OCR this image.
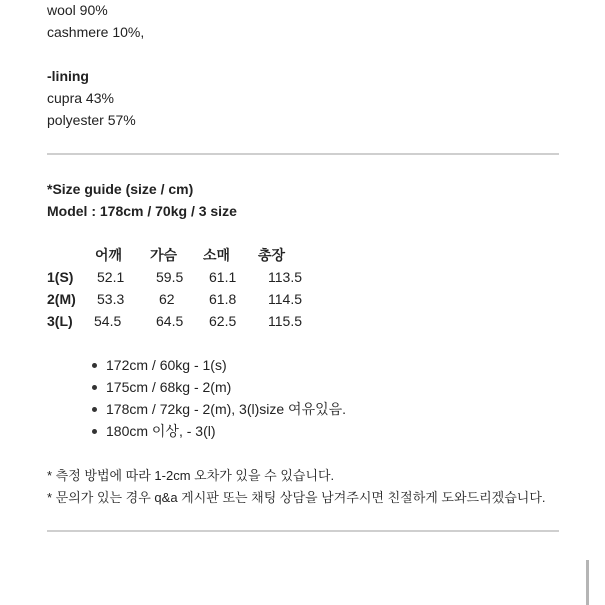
wool 90%
cashmere 10%,
-lining
cupra 43%
polyester 57%
*Size guide (size / cm)
Model : 178cm / 70kg / 3 size
어깨 가슴 소매 총장
1(S) 52.1 59.5 61.1 113.5
2(M) 53.3 62 61.8 114.5
3(L) 54.5 64.5 62.5 115.5
172cm / 60kg - 1(s)
175cm / 68kg - 2(m)
178cm / 72kg - 2(m), 3(l)size 여유있음.
180cm 이상, - 3(l)
* 측정 방법에 따라 1-2cm 오차가 있을 수 있습니다.
* 문의가 있는 경우 q&a 게시판 또는 채팅 상담을 남겨주시면 친절하게 도와드리겠습니다.
